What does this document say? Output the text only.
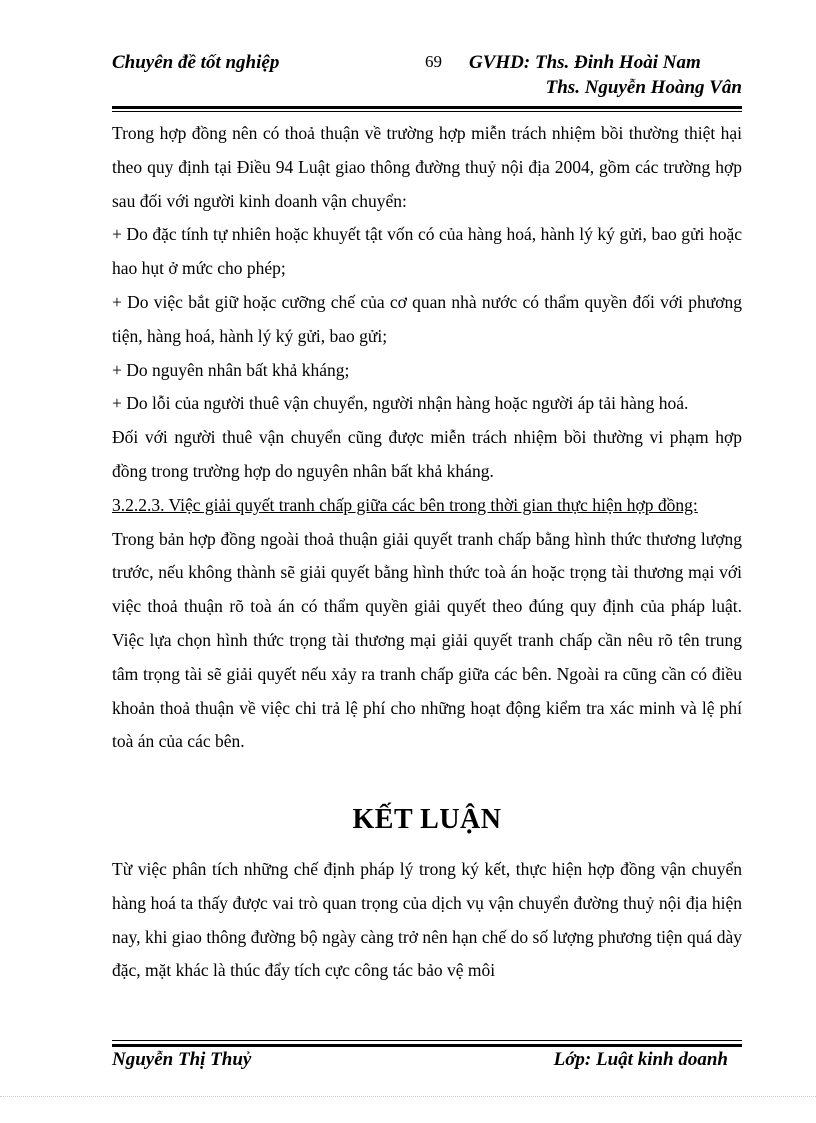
Chuyên đề tốt nghiệp	69 GVHD: Ths. Đinh Hoài Nam
Ths. Nguyễn Hoàng Vân

Trong hợp đồng nên có thoả thuận về trường hợp miễn trách nhiệm bồi thường thiệt hại theo quy định tại Điều 94 Luật giao thông đường thuỷ nội địa 2004, gồm các trường hợp sau đối với người kinh doanh vận chuyển:

+ Do đặc tính tự nhiên hoặc khuyết tật vốn có của hàng hoá, hành lý ký gửi, bao gửi hoặc hao hụt ở mức cho phép;

+ Do việc bắt giữ hoặc cưỡng chế của cơ quan nhà nước có thẩm quyền đối với phương tiện, hàng hoá, hành lý ký gửi, bao gửi;

+ Do nguyên nhân bất khả kháng;

+ Do lỗi của người thuê vận chuyển, người nhận hàng hoặc người áp tải hàng hoá.

Đối với người thuê vận chuyển cũng được miễn trách nhiệm bồi thường vi phạm hợp đồng trong trường hợp do nguyên nhân bất khả kháng.

3.2.2.3. Việc giải quyết tranh chấp giữa các bên trong thời gian thực hiện hợp đồng:

Trong bản hợp đồng ngoài thoả thuận giải quyết tranh chấp bằng hình thức thương lượng trước, nếu không thành sẽ giải quyết bằng hình thức toà án hoặc trọng tài thương mại với việc thoả thuận rõ toà án có thẩm quyền giải quyết theo đúng quy định của pháp luật. Việc lựa chọn hình thức trọng tài thương mại giải quyết tranh chấp cần nêu rõ tên trung tâm trọng tài sẽ giải quyết nếu xảy ra tranh chấp giữa các bên. Ngoài ra cũng cần có điều khoản thoả thuận về việc chi trả lệ phí cho những hoạt động kiểm tra xác minh và lệ phí toà án của các bên.

KẾT LUẬN

Từ việc phân tích những chế định pháp lý trong ký kết, thực hiện hợp đồng vận chuyển hàng hoá ta thấy được vai trò quan trọng của dịch vụ vận chuyển đường thuỷ nội địa hiện nay, khi giao thông đường bộ ngày càng trở nên hạn chế do số lượng phương tiện quá dày đặc, mặt khác là thúc đẩy tích cực công tác bảo vệ môi

Nguyễn Thị Thuỷ	Lớp: Luật kinh doanh
